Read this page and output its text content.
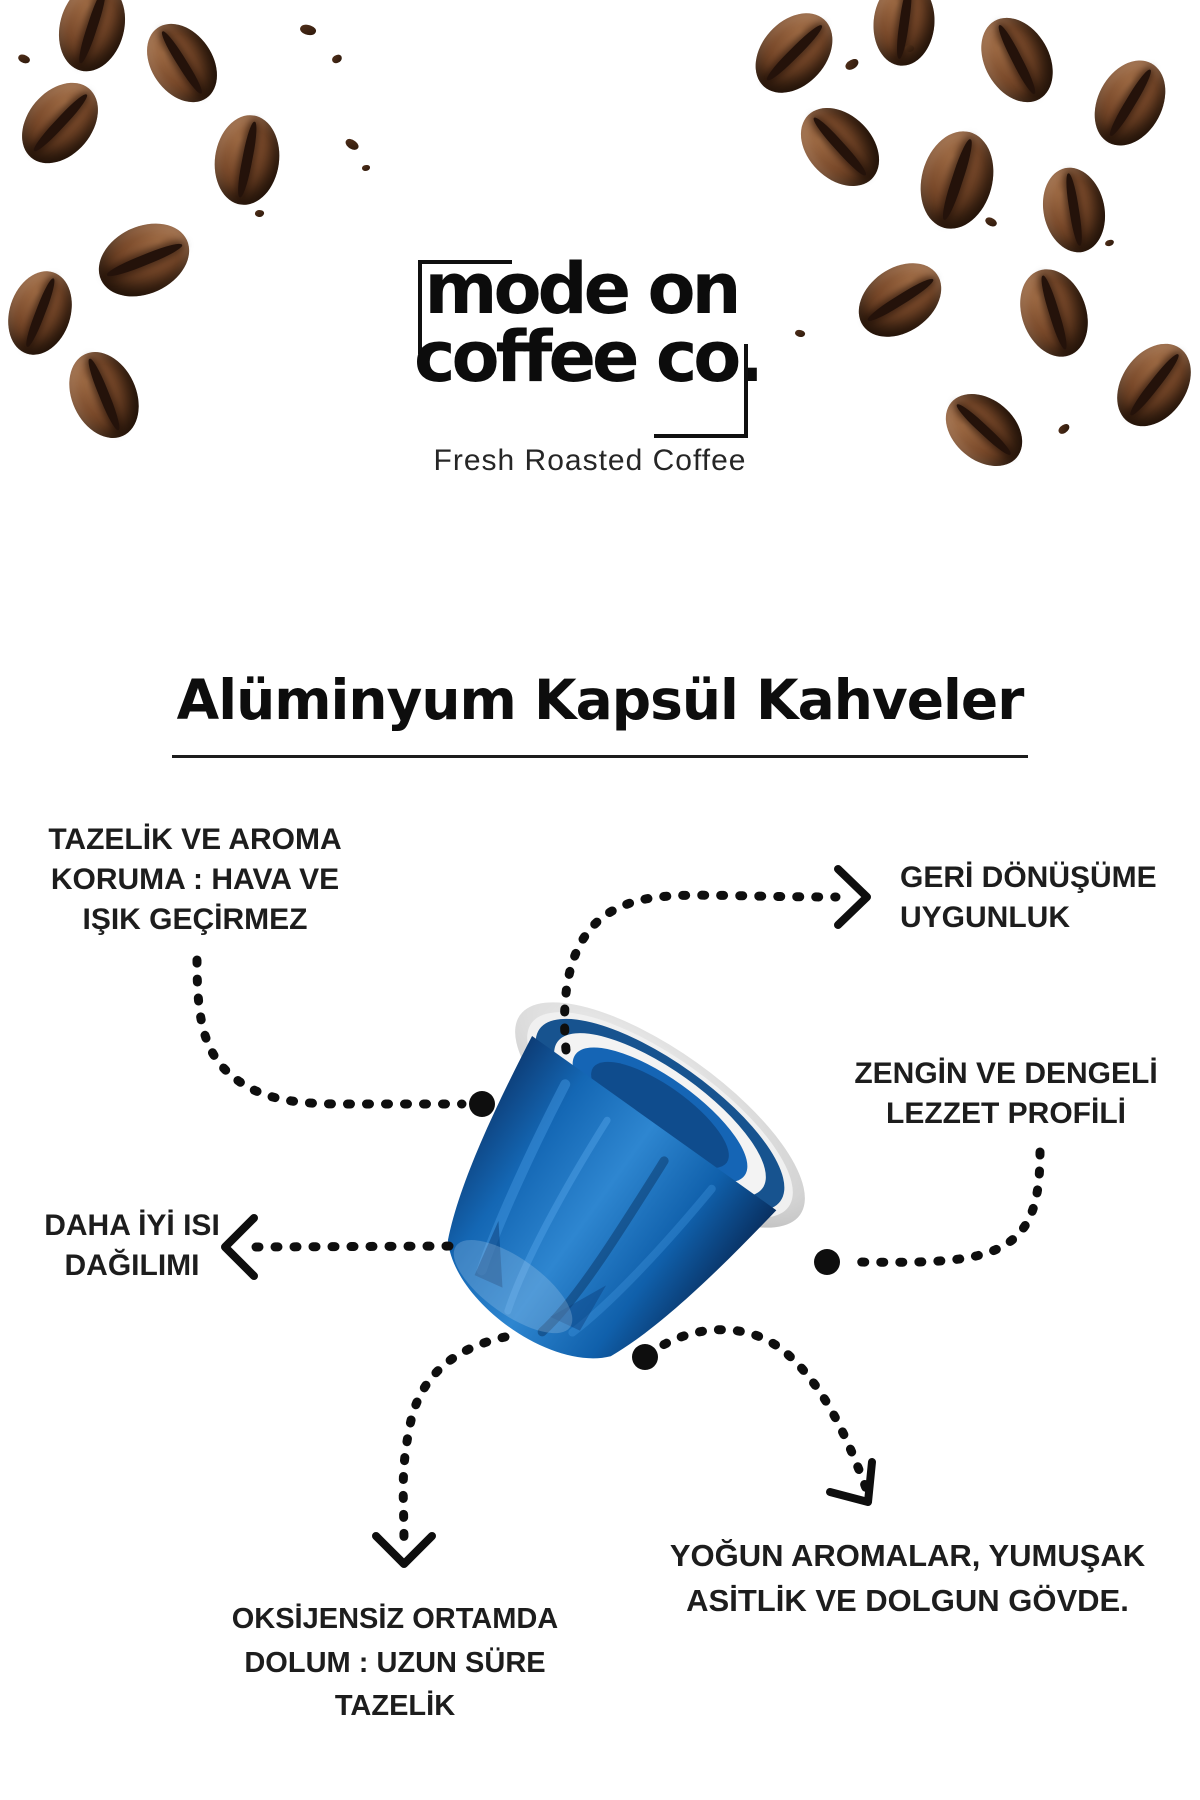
mode on
coffee co.
Fresh Roasted Coffee
Alüminyum Kapsül Kahveler
TAZELİK VE AROMA
KORUMA : HAVA VE
IŞIK GEÇİRMEZ
GERİ DÖNÜŞÜME
UYGUNLUK
ZENGİN VE DENGELİ
LEZZET PROFİLİ
DAHA İYİ ISI
DAĞILIMI
OKSİJENSİZ ORTAMDA
DOLUM : UZUN SÜRE
TAZELİK
YOĞUN AROMALAR, YUMUŞAK
ASİTLİK VE DOLGUN GÖVDE.
